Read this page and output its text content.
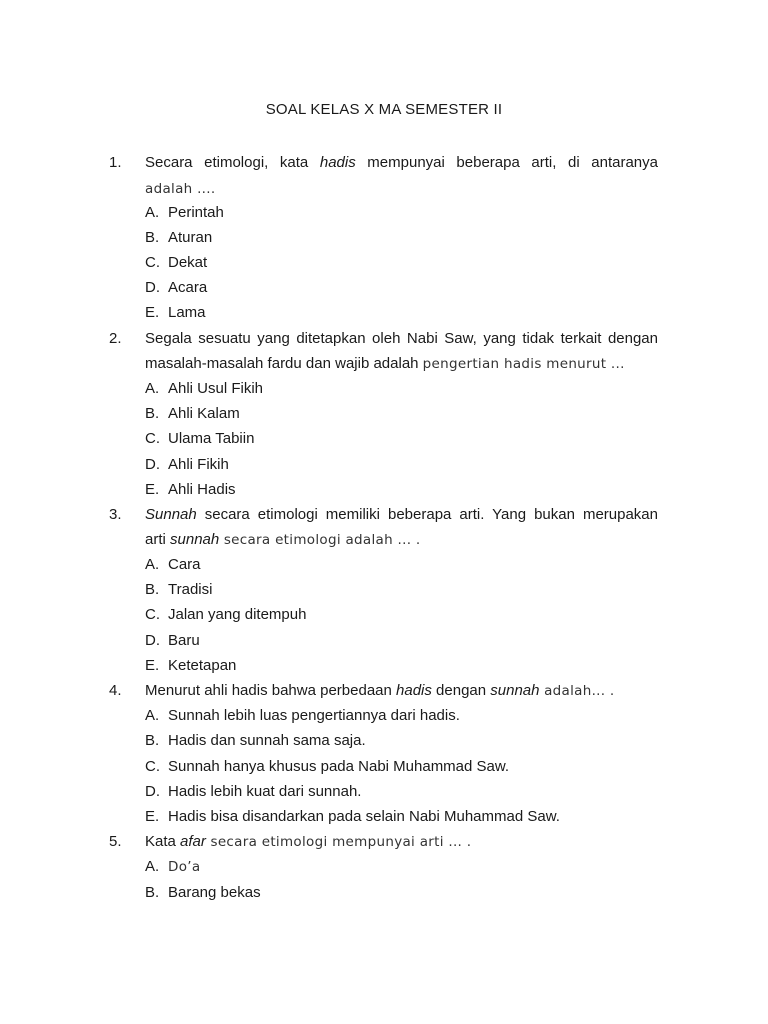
SOAL KELAS X MA SEMESTER II
1. Secara etimologi, kata hadis mempunyai beberapa arti, di antaranya
adalah ....
A. Perintah
B. Aturan
C. Dekat
D. Acara
E. Lama
2. Segala sesuatu yang ditetapkan oleh Nabi Saw, yang tidak terkait dengan
masalah-masalah fardu dan wajib adalah pengertian hadis menurut ...
A. Ahli Usul Fikih
B. Ahli Kalam
C. Ulama Tabiin
D. Ahli Fikih
E. Ahli Hadis
3. Sunnah secara etimologi memiliki beberapa arti. Yang bukan merupakan
arti sunnah secara etimologi adalah ... .
A. Cara
B. Tradisi
C. Jalan yang ditempuh
D. Baru
E. Ketetapan
4. Menurut ahli hadis bahwa perbedaan hadis dengan sunnah adalah... .
A. Sunnah lebih luas pengertiannya dari hadis.
B. Hadis dan sunnah sama saja.
C. Sunnah hanya khusus pada Nabi Muhammad Saw.
D. Hadis lebih kuat dari sunnah.
E. Hadis bisa disandarkan pada selain Nabi Muhammad Saw.
5. Kata afar secara etimologi mempunyai arti ... .
A. Do’a
B. Barang bekas
